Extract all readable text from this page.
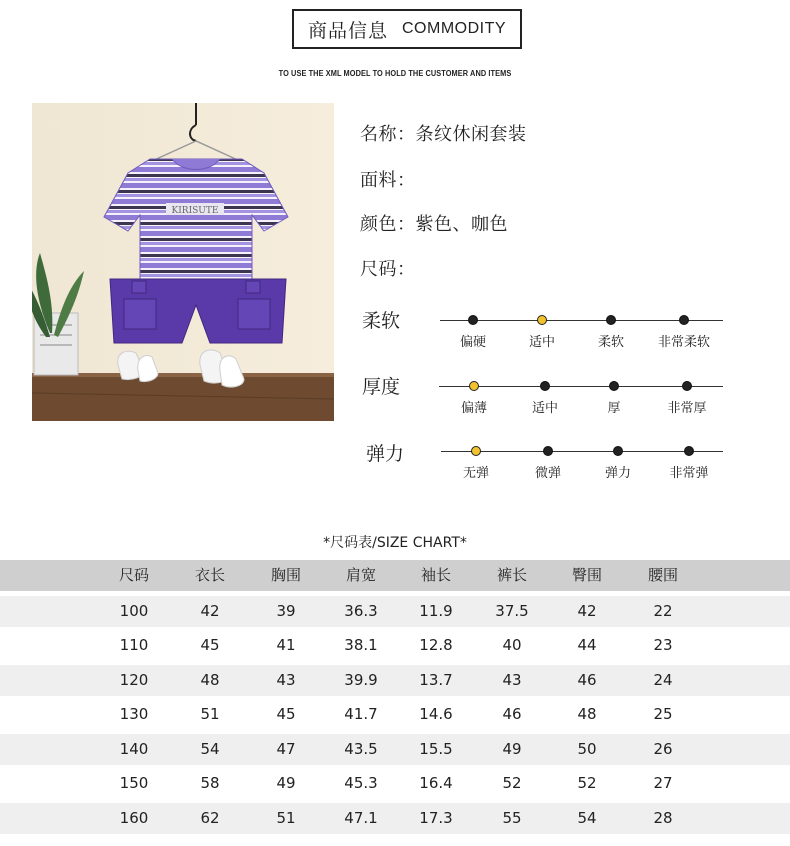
商品信息 COMMODITY
TO USE THE XML MODEL TO HOLD THE CUSTOMER AND ITEMS
KIRISUTE
名称：条纹休闲套装
面料：
颜色：紫色、咖色
尺码：
柔软
偏硬	适中	柔软	非常柔软
厚度
偏薄	适中	厚	非常厚
弹力
无弹	微弹	弹力	非常弹
*尺码表/SIZE CHART*
尺码	衣长	胸围	肩宽	袖长	裤长	臀围	腰围
100	42	39	36.3	11.9	37.5	42	22
110	45	41	38.1	12.8	40	44	23
120	48	43	39.9	13.7	43	46	24
130	51	45	41.7	14.6	46	48	25
140	54	47	43.5	15.5	49	50	26
150	58	49	45.3	16.4	52	52	27
160	62	51	47.1	17.3	55	54	28
